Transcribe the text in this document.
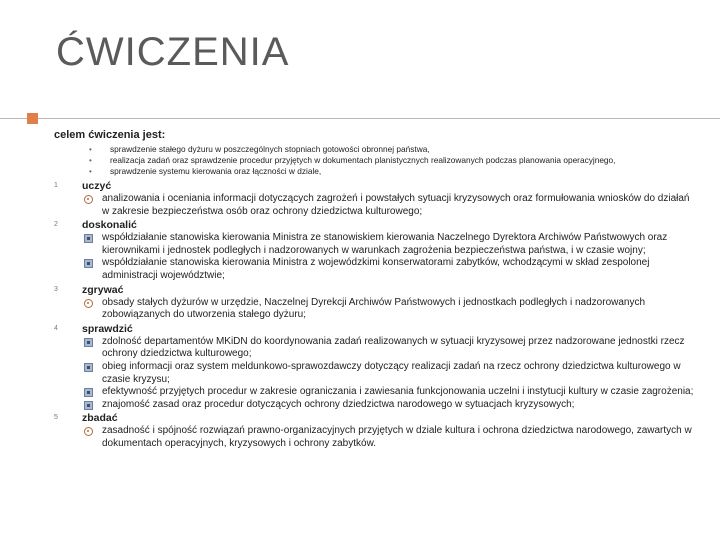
ĆWICZENIA
celem ćwiczenia jest:
• sprawdzenie stałego dyżuru w poszczególnych stopniach gotowości obronnej państwa,
• realizacja zadań oraz sprawdzenie procedur przyjętych w dokumentach planistycznych realizowanych podczas planowania operacyjnego,
• sprawdzenie systemu kierowania oraz łączności w dziale,
1 uczyć
analizowania i oceniania informacji dotyczących zagrożeń i powstałych sytuacji kryzysowych oraz formułowania wniosków do działań w zakresie bezpieczeństwa osób oraz ochrony dziedzictwa kulturowego;
2 doskonalić
współdziałanie stanowiska kierowania Ministra ze stanowiskiem kierowania Naczelnego Dyrektora Archiwów Państwowych oraz kierownikami i jednostek podległych i nadzorowanych w warunkach zagrożenia bezpieczeństwa państwa, i w czasie wojny;
współdziałanie stanowiska kierowania Ministra z wojewódzkimi konserwatorami zabytków, wchodzącymi w skład zespolonej administracji województwie;
3 zgrywać
obsady stałych dyżurów w urzędzie, Naczelnej Dyrekcji Archiwów Państwowych i jednostkach podległych i nadzorowanych zobowiązanych do utworzenia stałego dyżuru;
4 sprawdzić
zdolność departamentów MKiDN do koordynowania zadań realizowanych w sytuacji kryzysowej przez nadzorowane jednostki rzecz ochrony dziedzictwa kulturowego;
obieg informacji oraz system meldunkowo-sprawozdawczy dotyczący realizacji zadań na rzecz ochrony dziedzictwa kulturowego w czasie kryzysu;
efektywność przyjętych procedur w zakresie ograniczania i zawiesania funkcjonowania uczelni i instytucji kultury w czasie zagrożenia;
znajomość zasad oraz procedur dotyczących ochrony dziedzictwa narodowego w sytuacjach kryzysowych;
5 zbadać
zasadność i spójność rozwiązań prawno-organizacyjnych przyjętych w dziale kultura i ochrona dziedzictwa narodowego, zawartych w dokumentach operacyjnych, kryzysowych i ochrony zabytków.
